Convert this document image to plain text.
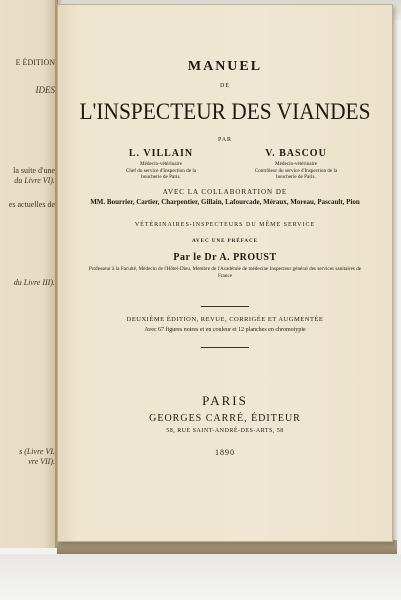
E ÉDITION
IDES
la suite d'une
du Livre VI).
es actuelles de
du Livre III).
s (Livre VI.
vre VII).
MANUEL
DE
L'INSPECTEUR DES VIANDES
PAR
L. VILLAIN
Médecin-vétérinaire
Chef du service d'Inspection de la
boucherie de Paris.
V. BASCOU
Médecin-vétérinaire
Contrôleur du service d'Inspection de la
boucherie de Paris.
AVEC LA COLLABORATION DE
MM. Bourrier, Cartier, Charpentier, Gillain, Lafourcade, Méraux, Moreau, Pascault, Pion
VÉTÉRINAIRES-INSPECTEURS DU MÊME SERVICE
AVEC UNE PRÉFACE
Par le Dr A. PROUST
Professeur à la Faculté, Médecin de l'Hôtel-Dieu, Membre de l'Académie de médecine Inspecteur général des services sanitaires de France
DEUXIÈME ÉDITION, REVUE, CORRIGÉE ET AUGMENTÉE
Avec 67 figures noires et en couleur et 12 planches en chromotypie
PARIS
GEORGES CARRÉ, ÉDITEUR
58, RUE SAINT-ANDRÉ-DES-ARTS, 58
1890
